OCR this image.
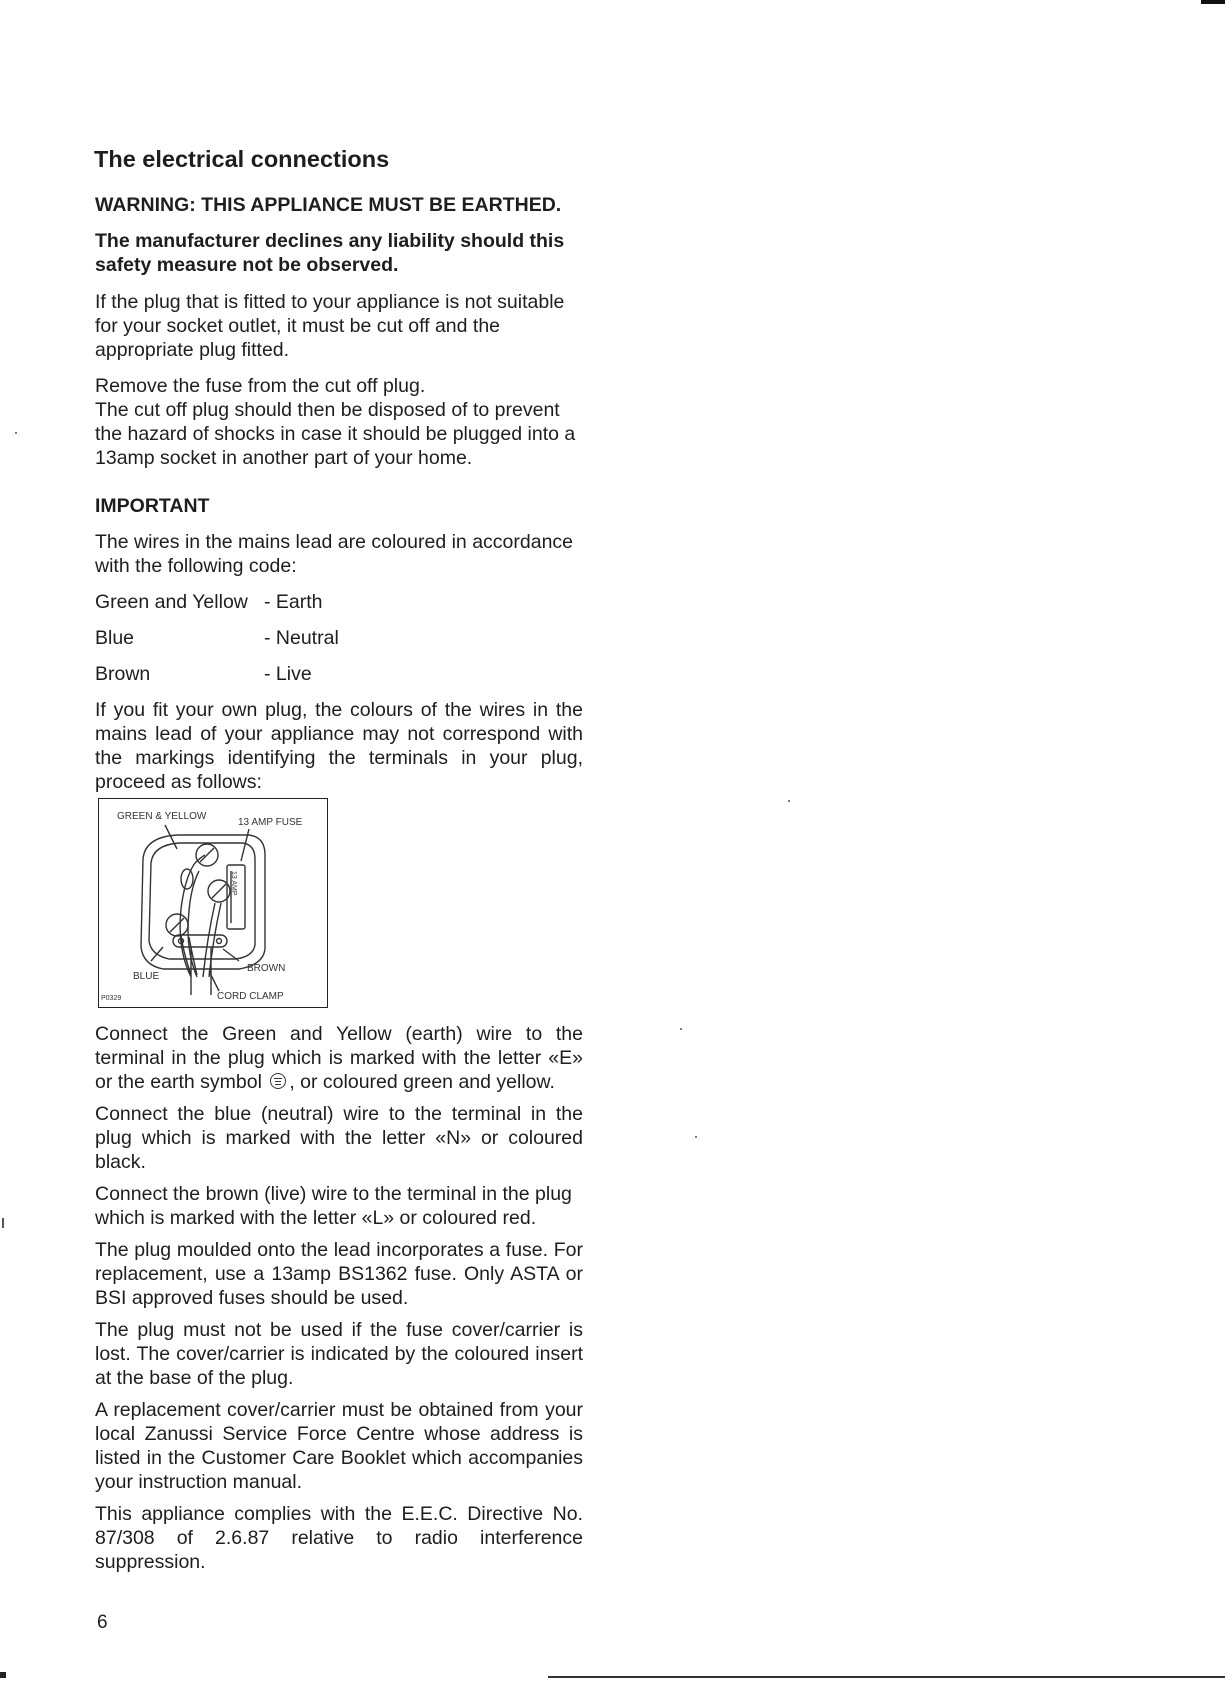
The electrical connections

WARNING: THIS APPLIANCE MUST BE EARTHED.

The manufacturer declines any liability should this safety measure not be observed.

If the plug that is fitted to your appliance is not suitable for your socket outlet, it must be cut off and the appropriate plug fitted.

Remove the fuse from the cut off plug.

The cut off plug should then be disposed of to prevent the hazard of shocks in case it should be plugged into a 13amp socket in another part of your home.

IMPORTANT

The wires in the mains lead are coloured in accordance with the following code:

Green and Yellow - Earth
Blue	- Neutral
Brown	- Live

If you fit your own plug, the colours of the wires in the mains lead of your appliance may not correspond with the markings identifying the terminals in your plug, proceed as follows:

GREEN & YELLOW
13 AMP FUSE
13 AMP
BLUE
BROWN
CORD CLAMP
P0329

Connect the Green and Yellow (earth) wire to the terminal in the plug which is marked with the letter «E» or the earth symbol , or coloured green and yellow.

Connect the blue (neutral) wire to the terminal in the plug which is marked with the letter «N» or coloured black.

Connect the brown (live) wire to the terminal in the plug which is marked with the letter «L» or coloured red.

The plug moulded onto the lead incorporates a fuse. For replacement, use a 13amp BS1362 fuse. Only ASTA or BSI approved fuses should be used.

The plug must not be used if the fuse cover/carrier is lost. The cover/carrier is indicated by the coloured insert at the base of the plug.

A replacement cover/carrier must be obtained from your local Zanussi Service Force Centre whose address is listed in the Customer Care Booklet which accompanies your instruction manual.

This appliance complies with the E.E.C. Directive No. 87/308 of 2.6.87 relative to radio interference suppression.

6
